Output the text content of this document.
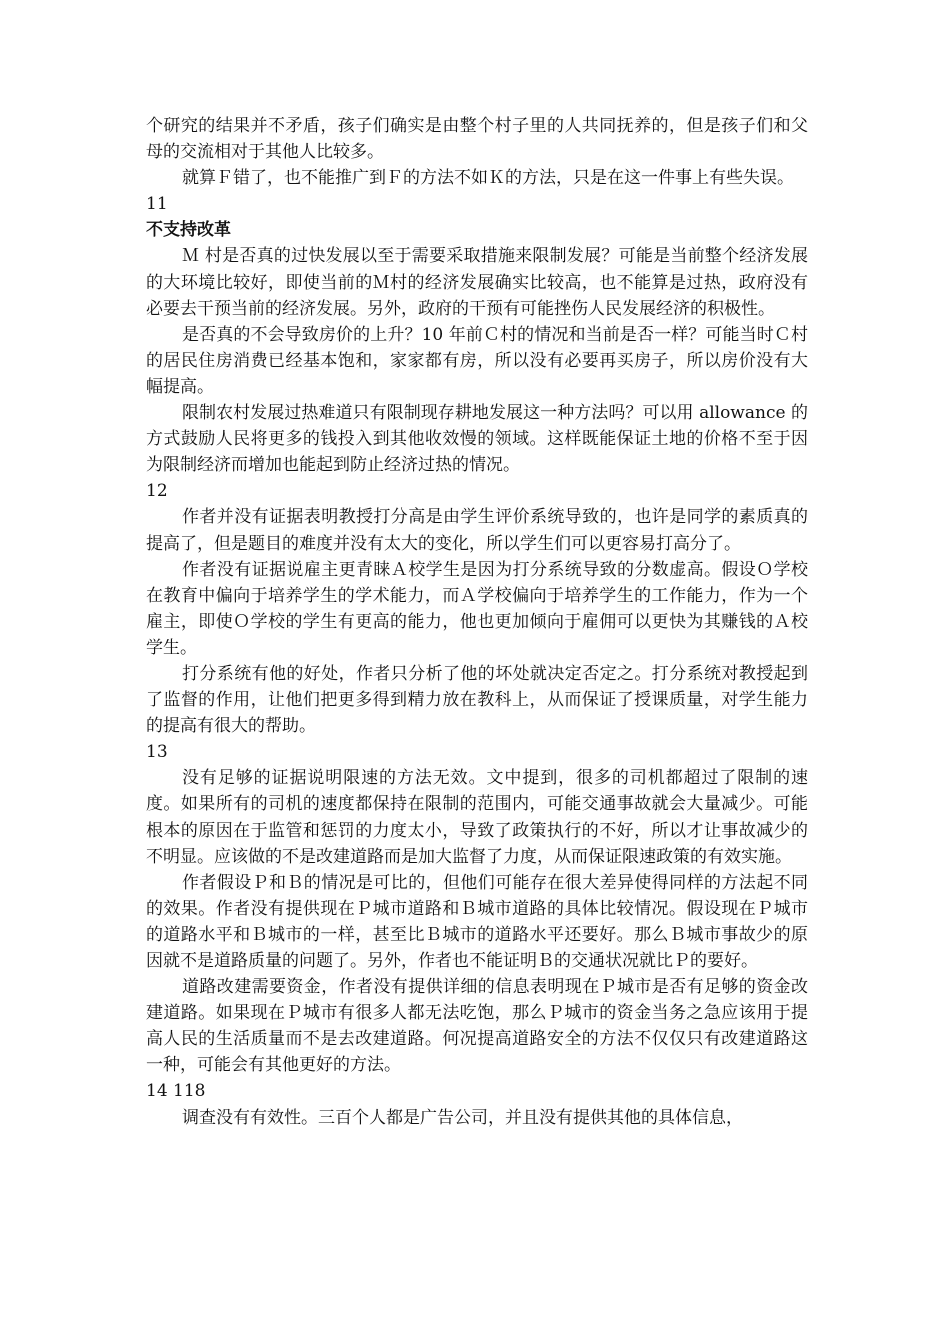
个研究的结果并不矛盾，孩子们确实是由整个村子里的人共同抚养的，但是孩子们和父母的交流相对于其他人比较多。

就算Ｆ错了，也不能推广到Ｆ的方法不如Ｋ的方法，只是在这一件事上有些失误。

11

不支持改革

Ｍ 村是否真的过快发展以至于需要采取措施来限制发展？可能是当前整个经济发展的大环境比较好，即使当前的Ｍ村的经济发展确实比较高，也不能算是过热，政府没有必要去干预当前的经济发展。另外，政府的干预有可能挫伤人民发展经济的积极性。

是否真的不会导致房价的上升？10 年前Ｃ村的情况和当前是否一样？可能当时Ｃ村的居民住房消费已经基本饱和，家家都有房，所以没有必要再买房子，所以房价没有大幅提高。

限制农村发展过热难道只有限制现存耕地发展这一种方法吗？可以用 allowance 的方式鼓励人民将更多的钱投入到其他收效慢的领域。这样既能保证土地的价格不至于因为限制经济而增加也能起到防止经济过热的情况。

12

作者并没有证据表明教授打分高是由学生评价系统导致的，也许是同学的素质真的提高了，但是题目的难度并没有太大的变化，所以学生们可以更容易打高分了。

作者没有证据说雇主更青睐Ａ校学生是因为打分系统导致的分数虚高。假设Ｏ学校在教育中偏向于培养学生的学术能力，而Ａ学校偏向于培养学生的工作能力，作为一个雇主，即使Ｏ学校的学生有更高的能力，他也更加倾向于雇佣可以更快为其赚钱的Ａ校学生。

打分系统有他的好处，作者只分析了他的坏处就决定否定之。打分系统对教授起到了监督的作用，让他们把更多得到精力放在教科上，从而保证了授课质量，对学生能力的提高有很大的帮助。

13

没有足够的证据说明限速的方法无效。文中提到，很多的司机都超过了限制的速度。如果所有的司机的速度都保持在限制的范围内，可能交通事故就会大量减少。可能根本的原因在于监管和惩罚的力度太小，导致了政策执行的不好，所以才让事故减少的不明显。应该做的不是改建道路而是加大监督了力度，从而保证限速政策的有效实施。

作者假设Ｐ和Ｂ的情况是可比的，但他们可能存在很大差异使得同样的方法起不同的效果。作者没有提供现在Ｐ城市道路和Ｂ城市道路的具体比较情况。假设现在Ｐ城市的道路水平和Ｂ城市的一样，甚至比Ｂ城市的道路水平还要好。那么Ｂ城市事故少的原因就不是道路质量的问题了。另外，作者也不能证明Ｂ的交通状况就比Ｐ的要好。

道路改建需要资金，作者没有提供详细的信息表明现在Ｐ城市是否有足够的资金改建道路。如果现在Ｐ城市有很多人都无法吃饱，那么Ｐ城市的资金当务之急应该用于提高人民的生活质量而不是去改建道路。何况提高道路安全的方法不仅仅只有改建道路这一种，可能会有其他更好的方法。

14 118

调查没有有效性。三百个人都是广告公司，并且没有提供其他的具体信息，
